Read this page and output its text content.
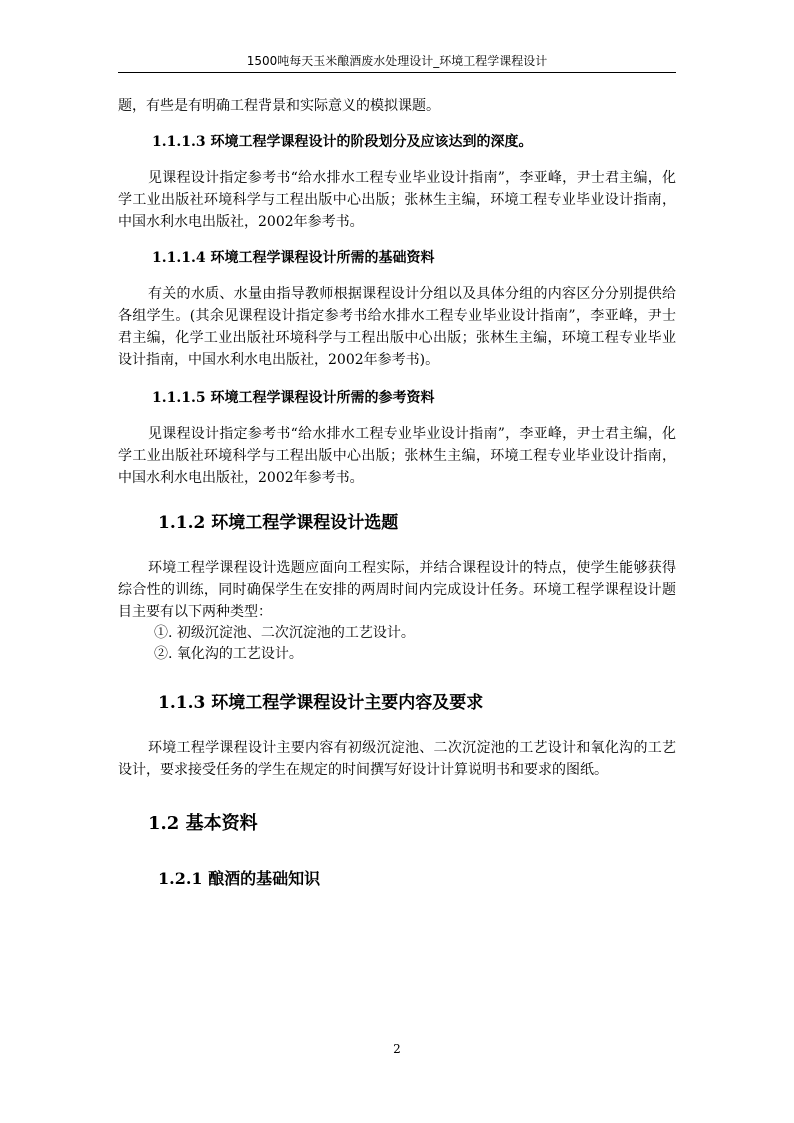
1500吨每天玉米酿酒废水处理设计_环境工程学课程设计

题，有些是有明确工程背景和实际意义的模拟课题。

1.1.1.3 环境工程学课程设计的阶段划分及应该达到的深度。

见课程设计指定参考书“给水排水工程专业毕业设计指南”，李亚峰，尹士君主编，化学工业出版社环境科学与工程出版中心出版；张林生主编，环境工程专业毕业设计指南，中国水利水电出版社，2002年参考书。

1.1.1.4 环境工程学课程设计所需的基础资料

有关的水质、水量由指导教师根据课程设计分组以及具体分组的内容区分分别提供给各组学生。(其余见课程设计指定参考书给水排水工程专业毕业设计指南”，李亚峰，尹士君主编，化学工业出版社环境科学与工程出版中心出版；张林生主编，环境工程专业毕业设计指南，中国水利水电出版社，2002年参考书)。

1.1.1.5 环境工程学课程设计所需的参考资料

见课程设计指定参考书“给水排水工程专业毕业设计指南”，李亚峰，尹士君主编，化学工业出版社环境科学与工程出版中心出版；张林生主编，环境工程专业毕业设计指南，中国水利水电出版社，2002年参考书。

1.1.2 环境工程学课程设计选题

环境工程学课程设计选题应面向工程实际，并结合课程设计的特点，使学生能够获得综合性的训练，同时确保学生在安排的两周时间内完成设计任务。环境工程学课程设计题目主要有以下两种类型：

①. 初级沉淀池、二次沉淀池的工艺设计。

②. 氧化沟的工艺设计。

1.1.3 环境工程学课程设计主要内容及要求

环境工程学课程设计主要内容有初级沉淀池、二次沉淀池的工艺设计和氧化沟的工艺设计，要求接受任务的学生在规定的时间撰写好设计计算说明书和要求的图纸。

1.2 基本资料

1.2.1 酿酒的基础知识

2
